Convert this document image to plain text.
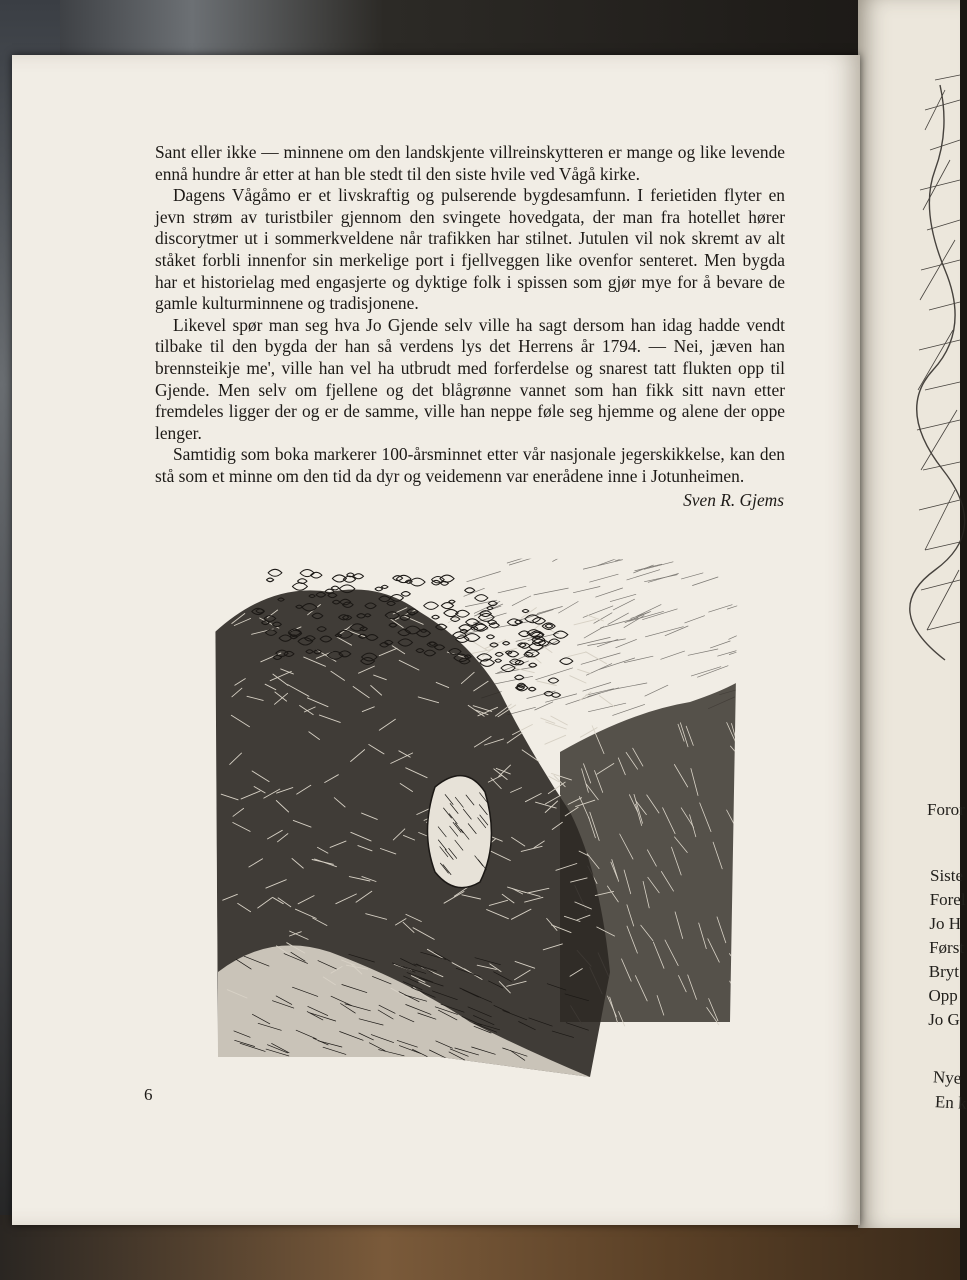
Sant eller ikke — minnene om den landskjente villreinskytteren er mange og like levende ennå hundre år etter at han ble stedt til den siste hvile ved Vågå kirke.

Dagens Vågåmo er et livskraftig og pulserende bygdesamfunn. I ferietiden flyter en jevn strøm av turistbiler gjennom den svingete hovedgata, der man fra hotellet hører discorytmer ut i sommerkveldene når trafikken har stilnet. Jutulen vil nok skremt av alt ståket forbli innenfor sin merkelige port i fjellveggen like ovenfor senteret. Men bygda har et historielag med engasjerte og dyktige folk i spissen som gjør mye for å bevare de gamle kulturminnene og tradisjonene.

Likevel spør man seg hva Jo Gjende selv ville ha sagt dersom han idag hadde vendt tilbake til den bygda der han så verdens lys det Herrens år 1794. — Nei, jæven han brennsteikje me', ville han vel ha utbrudt med forferdelse og snarest tatt flukten opp til Gjende. Men selv om fjellene og det blågrønne vannet som han fikk sitt navn etter fremdeles ligger der og er de samme, ville han neppe føle seg hjemme og alene der oppe lenger.

Samtidig som boka markerer 100-årsminnet etter vår nasjonale jegerskikkelse, kan den stå som et minne om den tid da dyr og veidemenn var enerådene inne i Jotunheimen.

Sven R. Gjems
6
Foror
Siste
Forel
Jo H
Først
Bryt
Opp
Jo G
Nye
En k
